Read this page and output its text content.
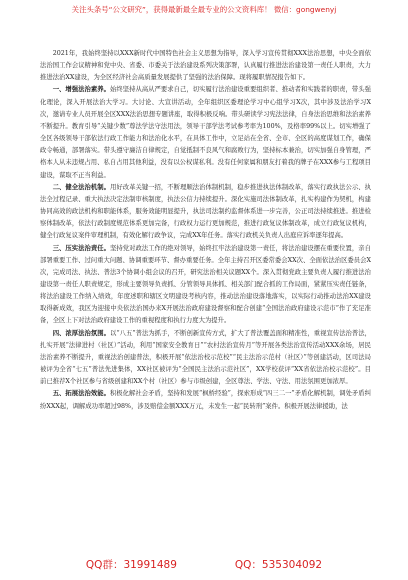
关注头条号“公文研究”，获得最新最全最专业的公文资料库！ 微信：gongwenyj

2021年，我始终坚持以XXX新时代中国特色社会主义思想为指导，深入学习宣传贯彻XXX法治思想，中央全面依法治国工作会议精神和党中央、省委、市委关于法治建设系列决策部署，认真履行推进法治建设第一责任人职责，大力推进法治XX建设，为全区经济社会高质量发展提供了坚强的法治保障。现将履职情况报告如下。

一、增强法治素养。始终坚持从高从严要求自己，切实履行法治建设重要组织者、推动者和实践者的职责，带头强化理论，深入开展法治大学习。大讨论、大宣讲活动，全年组织区委理论学习中心组学习X次，其中涉及法治学习X次，邀请专业人员开展全区XXX法治思想专题讲座，取得积极反响。带头研读学习宪法法律，自身法治思维和法治素养不断提升。教育引导“关键少数”尊法学法守法用法，领导干部学法考试参考率为100%，及格率99%以上。切实增强了全区各级领导干部依法行政工作能力和法治化水平，在具体工作中，立足站在全省、全市、全区的高度谋划工作，确保政令畅通，部署落实。带头遵守廉洁自律规定，自觉抵制不良风气和腐败行为，坚持标本兼治，切实加强自身管理，严格本人从未违规占用、私自占用其他利益，没有以公权谋私利。没有任何家属和朋友打着我的牌子在XXX参与工程项目建设，谋取不正当利益。

二、健全法治机制。用好改革关键一招，不断理顺法治体制机制，稳步推进执法体制改革，落实行政执法公示、执法全过程记录、重大执法决定法制审核制度，执法公信力持续提升。深化实施司法体制改革，扎实构建作为契机，构建协同高效的政法机构和职能体系，服务效能明显提升，执法司法制约监督体系进一步完善，公正司法持续推进。推进检察体制改革，依法行政制度规范体系更加完备，行政权力运行更加规范，推进行政复议体制改革，成立行政复议机构，健全行政复议案件审理机制，有效化解行政争议，完成XX年任务。落实行政机关负责人出庭应诉率逐年提高。

三、压实法治责任。坚持党对政法工作的绝对领导，始终扛牢法治建设第一责任，将法治建设摆在重要位置，亲自部署重要工作、过问重大问题、协调重要环节、督办重要任务。全年主持召开区委常委会XX次、全面依法治区委员会X次，完成司法、执法、普法3个协调小组会议的召开，研究法治相关议题XX个。深入贯彻党政主要负责人履行推进法治建设第一责任人职责规定，形成主要领导负责抓、分管领导具体抓、相关部门配合抓的工作局面，紧紧压实责任链条，将法治建设工作纳入绩效，年度述职和辖区文明建设考核内容，推动法治建设落地落实，以实际行动推动法治XX建设取得新成效，我区为迎接中央依法治国办来X开展法治政府建设督察和配合创建“全国法治政府建设示范市”作了充足准备，全区上下对法治政府建设工作的重视程度和执行力度大为提升。

四、浓厚法治氛围。以“八五”普法为抓手，不断创新宣传方式，扩大了普法覆盖面和精准性，重视宣传法治普法，扎实开展“法律进村（社区）”活动，利用“国家安全教育日”“农村法治宣传月”等开展各类法治宣传活动XXX余场，居民法治素养不断提升，重视法治创建普法，积极开展“依法治校示范校”“民主法治示范村（社区）”等创建活动，区司法局被评为全省“七五”普法先进集体，XX社区被评为“全国民主法治示范社区”，XX学校获评“XX省依法治校示范校”。目前已推荐X个社区参与省级创建和XX个村（社区）参与市级创建，全区尊法、学法、守法、用法氛围更加浓厚。

五、拓展法治效能。积极化解社会矛盾，坚持和发展“枫桥经验”，探索形成“四三二一”矛盾化解机制，调处矛盾纠纷XXX起，调解成功率超过98%，涉及赔偿金额XXX万元，未发生一起“民转刑”案件。积极开展法律援助，法

QQ群：31991489	QQ：535304092
